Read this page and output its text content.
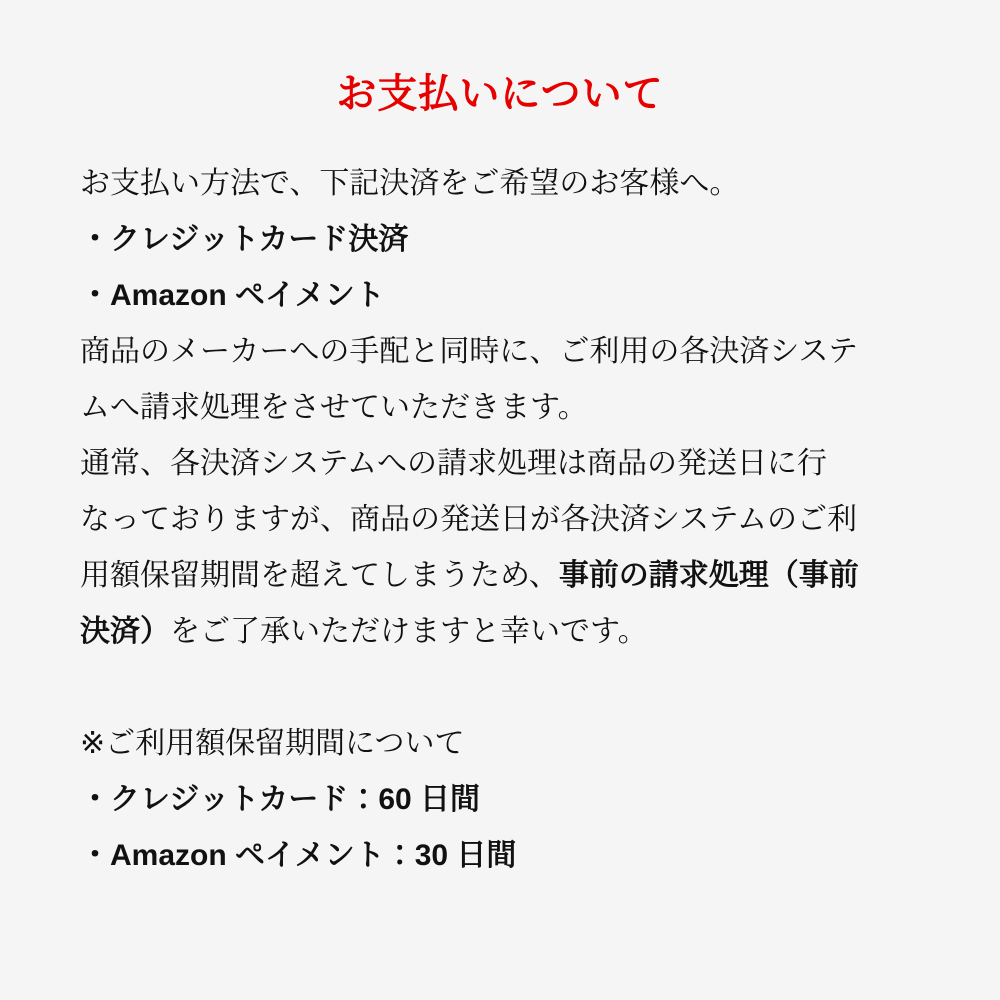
お支払いについて

お支払い方法で、下記決済をご希望のお客様へ。

・クレジットカード決済

・Amazon ペイメント

商品のメーカーへの手配と同時に、ご利用の各決済システ

ムへ請求処理をさせていただきます。

通常、各決済システムへの請求処理は商品の発送日に行

なっておりますが、商品の発送日が各決済システムのご利

用額保留期間を超えてしまうため、事前の請求処理（事前

決済）をご了承いただけますと幸いです。

※ご利用額保留期間について

・クレジットカード：60 日間

・Amazon ペイメント：30 日間
